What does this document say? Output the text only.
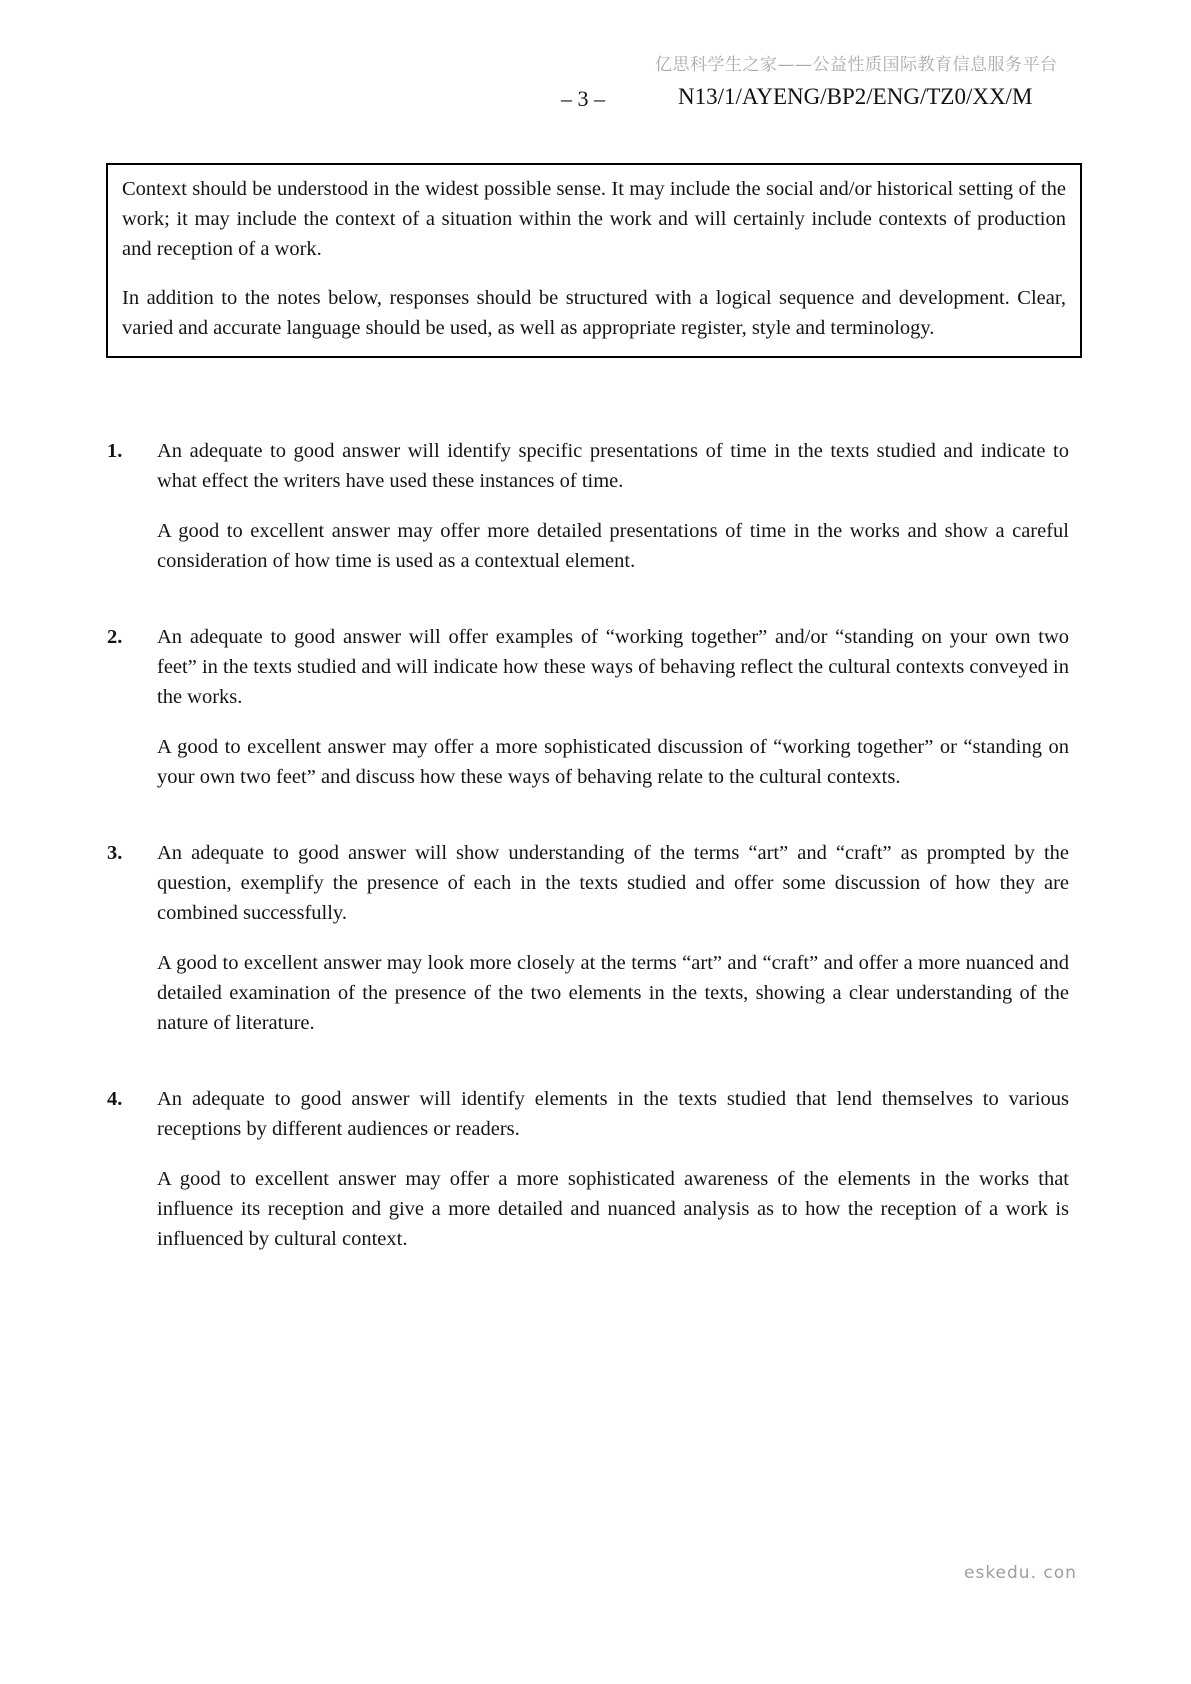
亿思科学生之家——公益性质国际教育信息服务平台
– 3 –	N13/1/AYENG/BP2/ENG/TZ0/XX/M

Context should be understood in the widest possible sense. It may include the social and/or historical setting of the work; it may include the context of a situation within the work and will certainly include contexts of production and reception of a work.

In addition to the notes below, responses should be structured with a logical sequence and development. Clear, varied and accurate language should be used, as well as appropriate register, style and terminology.

1.	An adequate to good answer will identify specific presentations of time in the texts studied and indicate to what effect the writers have used these instances of time.

A good to excellent answer may offer more detailed presentations of time in the works and show a careful consideration of how time is used as a contextual element.

2.	An adequate to good answer will offer examples of “working together” and/or “standing on your own two feet” in the texts studied and will indicate how these ways of behaving reflect the cultural contexts conveyed in the works.

A good to excellent answer may offer a more sophisticated discussion of “working together” or “standing on your own two feet” and discuss how these ways of behaving relate to the cultural contexts.

3.	An adequate to good answer will show understanding of the terms “art” and “craft” as prompted by the question, exemplify the presence of each in the texts studied and offer some discussion of how they are combined successfully.

A good to excellent answer may look more closely at the terms “art” and “craft” and offer a more nuanced and detailed examination of the presence of the two elements in the texts, showing a clear understanding of the nature of literature.

4.	An adequate to good answer will identify elements in the texts studied that lend themselves to various receptions by different audiences or readers.

A good to excellent answer may offer a more sophisticated awareness of the elements in the works that influence its reception and give a more detailed and nuanced analysis as to how the reception of a work is influenced by cultural context.

eskedu. con
